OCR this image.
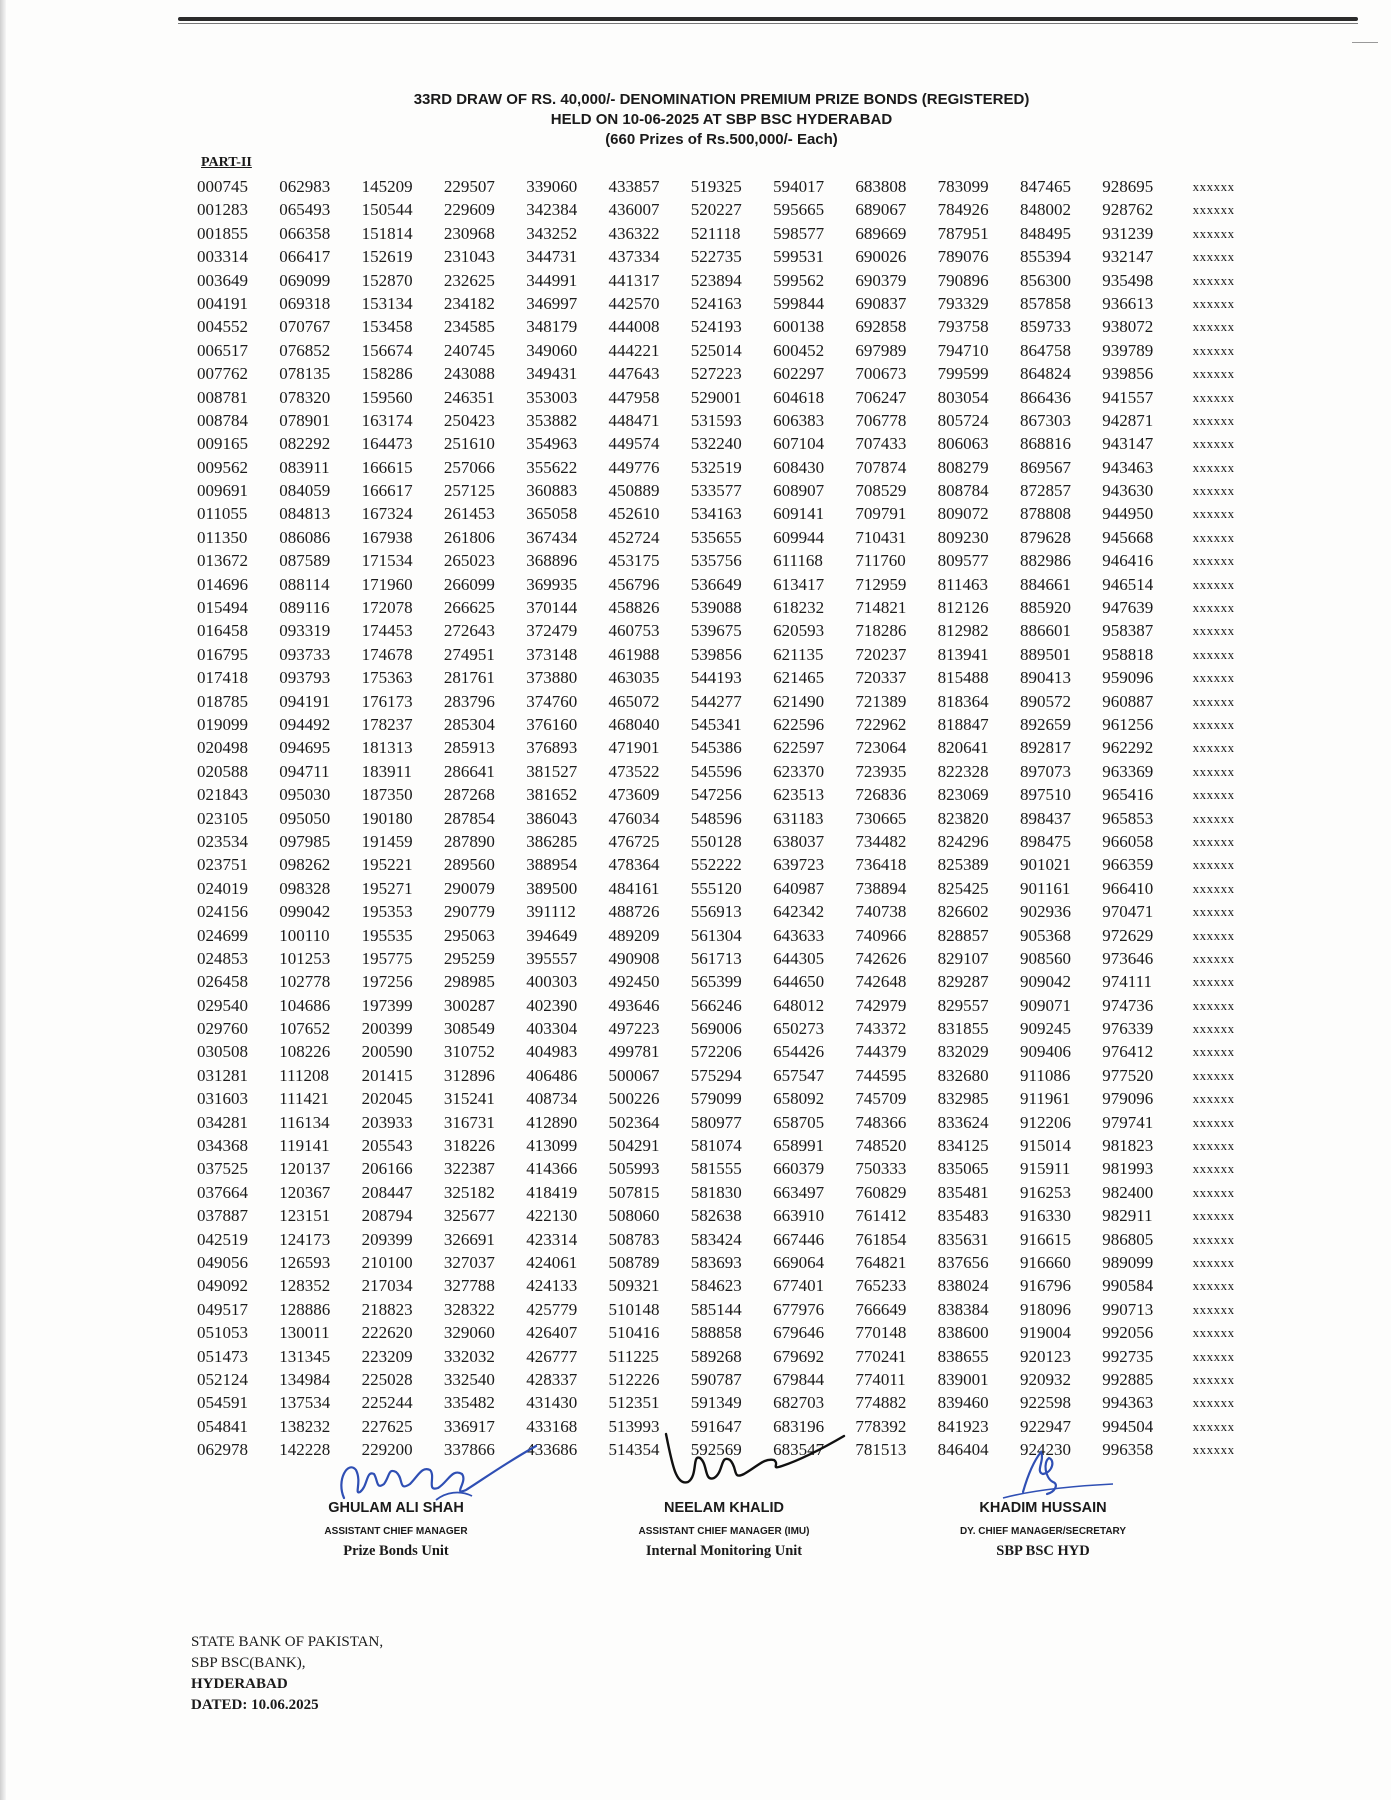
33RD DRAW OF RS. 40,000/- DENOMINATION PREMIUM PRIZE BONDS (REGISTERED)
HELD ON 10-06-2025 AT SBP BSC HYDERABAD
(660 Prizes of Rs.500,000/- Each)
PART-II
000745	062983	145209	229507	339060	433857	519325	594017	683808	783099	847465	928695	xxxxxx
001283	065493	150544	229609	342384	436007	520227	595665	689067	784926	848002	928762	xxxxxx
001855	066358	151814	230968	343252	436322	521118	598577	689669	787951	848495	931239	xxxxxx
003314	066417	152619	231043	344731	437334	522735	599531	690026	789076	855394	932147	xxxxxx
003649	069099	152870	232625	344991	441317	523894	599562	690379	790896	856300	935498	xxxxxx
004191	069318	153134	234182	346997	442570	524163	599844	690837	793329	857858	936613	xxxxxx
004552	070767	153458	234585	348179	444008	524193	600138	692858	793758	859733	938072	xxxxxx
006517	076852	156674	240745	349060	444221	525014	600452	697989	794710	864758	939789	xxxxxx
007762	078135	158286	243088	349431	447643	527223	602297	700673	799599	864824	939856	xxxxxx
008781	078320	159560	246351	353003	447958	529001	604618	706247	803054	866436	941557	xxxxxx
008784	078901	163174	250423	353882	448471	531593	606383	706778	805724	867303	942871	xxxxxx
009165	082292	164473	251610	354963	449574	532240	607104	707433	806063	868816	943147	xxxxxx
009562	083911	166615	257066	355622	449776	532519	608430	707874	808279	869567	943463	xxxxxx
009691	084059	166617	257125	360883	450889	533577	608907	708529	808784	872857	943630	xxxxxx
011055	084813	167324	261453	365058	452610	534163	609141	709791	809072	878808	944950	xxxxxx
011350	086086	167938	261806	367434	452724	535655	609944	710431	809230	879628	945668	xxxxxx
013672	087589	171534	265023	368896	453175	535756	611168	711760	809577	882986	946416	xxxxxx
014696	088114	171960	266099	369935	456796	536649	613417	712959	811463	884661	946514	xxxxxx
015494	089116	172078	266625	370144	458826	539088	618232	714821	812126	885920	947639	xxxxxx
016458	093319	174453	272643	372479	460753	539675	620593	718286	812982	886601	958387	xxxxxx
016795	093733	174678	274951	373148	461988	539856	621135	720237	813941	889501	958818	xxxxxx
017418	093793	175363	281761	373880	463035	544193	621465	720337	815488	890413	959096	xxxxxx
018785	094191	176173	283796	374760	465072	544277	621490	721389	818364	890572	960887	xxxxxx
019099	094492	178237	285304	376160	468040	545341	622596	722962	818847	892659	961256	xxxxxx
020498	094695	181313	285913	376893	471901	545386	622597	723064	820641	892817	962292	xxxxxx
020588	094711	183911	286641	381527	473522	545596	623370	723935	822328	897073	963369	xxxxxx
021843	095030	187350	287268	381652	473609	547256	623513	726836	823069	897510	965416	xxxxxx
023105	095050	190180	287854	386043	476034	548596	631183	730665	823820	898437	965853	xxxxxx
023534	097985	191459	287890	386285	476725	550128	638037	734482	824296	898475	966058	xxxxxx
023751	098262	195221	289560	388954	478364	552222	639723	736418	825389	901021	966359	xxxxxx
024019	098328	195271	290079	389500	484161	555120	640987	738894	825425	901161	966410	xxxxxx
024156	099042	195353	290779	391112	488726	556913	642342	740738	826602	902936	970471	xxxxxx
024699	100110	195535	295063	394649	489209	561304	643633	740966	828857	905368	972629	xxxxxx
024853	101253	195775	295259	395557	490908	561713	644305	742626	829107	908560	973646	xxxxxx
026458	102778	197256	298985	400303	492450	565399	644650	742648	829287	909042	974111	xxxxxx
029540	104686	197399	300287	402390	493646	566246	648012	742979	829557	909071	974736	xxxxxx
029760	107652	200399	308549	403304	497223	569006	650273	743372	831855	909245	976339	xxxxxx
030508	108226	200590	310752	404983	499781	572206	654426	744379	832029	909406	976412	xxxxxx
031281	111208	201415	312896	406486	500067	575294	657547	744595	832680	911086	977520	xxxxxx
031603	111421	202045	315241	408734	500226	579099	658092	745709	832985	911961	979096	xxxxxx
034281	116134	203933	316731	412890	502364	580977	658705	748366	833624	912206	979741	xxxxxx
034368	119141	205543	318226	413099	504291	581074	658991	748520	834125	915014	981823	xxxxxx
037525	120137	206166	322387	414366	505993	581555	660379	750333	835065	915911	981993	xxxxxx
037664	120367	208447	325182	418419	507815	581830	663497	760829	835481	916253	982400	xxxxxx
037887	123151	208794	325677	422130	508060	582638	663910	761412	835483	916330	982911	xxxxxx
042519	124173	209399	326691	423314	508783	583424	667446	761854	835631	916615	986805	xxxxxx
049056	126593	210100	327037	424061	508789	583693	669064	764821	837656	916660	989099	xxxxxx
049092	128352	217034	327788	424133	509321	584623	677401	765233	838024	916796	990584	xxxxxx
049517	128886	218823	328322	425779	510148	585144	677976	766649	838384	918096	990713	xxxxxx
051053	130011	222620	329060	426407	510416	588858	679646	770148	838600	919004	992056	xxxxxx
051473	131345	223209	332032	426777	511225	589268	679692	770241	838655	920123	992735	xxxxxx
052124	134984	225028	332540	428337	512226	590787	679844	774011	839001	920932	992885	xxxxxx
054591	137534	225244	335482	431430	512351	591349	682703	774882	839460	922598	994363	xxxxxx
054841	138232	227625	336917	433168	513993	591647	683196	778392	841923	922947	994504	xxxxxx
062978	142228	229200	337866	433686	514354	592569	683547	781513	846404	924230	996358	xxxxxx
GHULAM ALI SHAH
ASSISTANT CHIEF MANAGER
Prize Bonds Unit
NEELAM KHALID
ASSISTANT CHIEF MANAGER (IMU)
Internal Monitoring Unit
KHADIM HUSSAIN
DY. CHIEF MANAGER/SECRETARY
SBP BSC HYD
STATE BANK OF PAKISTAN,
SBP BSC(BANK),
HYDERABAD
DATED: 10.06.2025
